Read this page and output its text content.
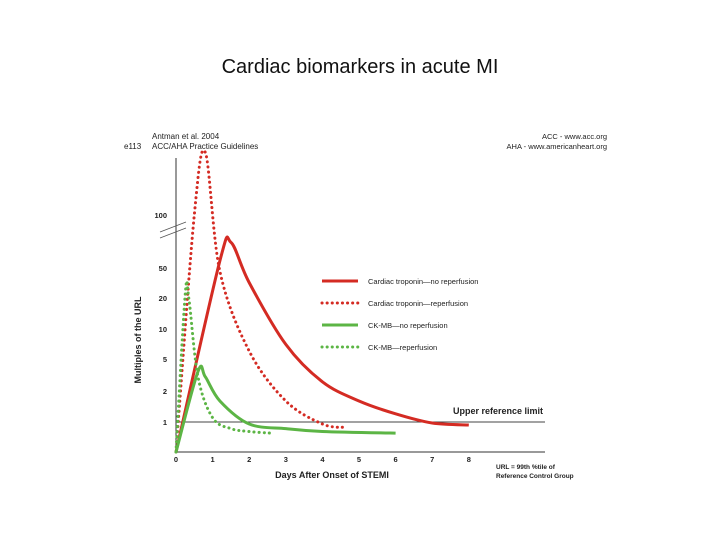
Cardiac biomarkers in acute MI
Antman et al. 2004
ACC/AHA Practice Guidelines
e113
ACC - www.acc.org
AHA - www.americanheart.org
Upper reference limit
1
2
5
10
20
50
100
0	1	2	3	4	5	6	7	8
Cardiac troponin—no reperfusion
Cardiac troponin—reperfusion
CK-MB—no reperfusion
CK-MB—reperfusion
Days After Onset of STEMI
Multiples of the URL
URL = 99th %tile of
Reference Control Group
